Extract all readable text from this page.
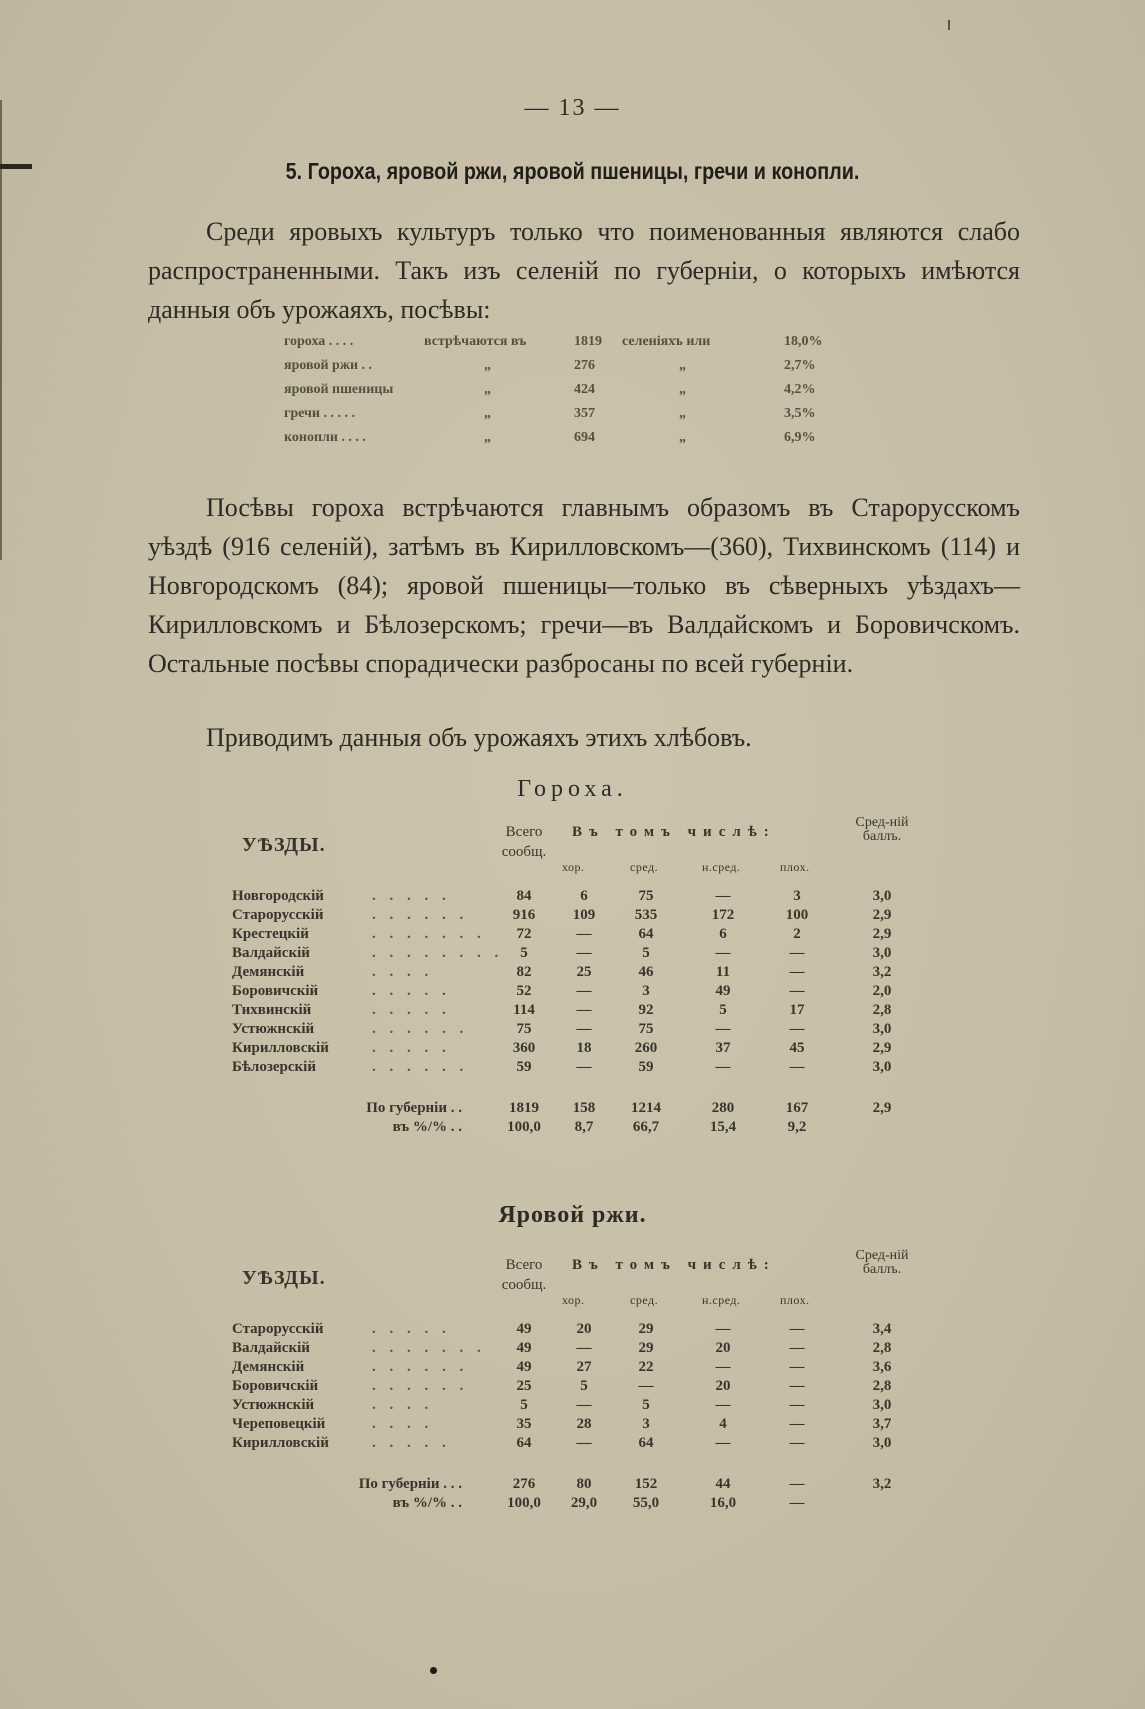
— 13 —
5. Гороха, яровой ржи, яровой пшеницы, гречи и конопли.
Среди яровыхъ культуръ только что поименованныя являются слабо распространенными. Такъ изъ селенiй по губернiи, о которыхъ имѣются данныя объ урожаяхъ, посѣвы:
гороха . . . .	встрѣчаются въ	1819 селенiяхъ или	18,0%
яровой ржи . .	„	276	„	2,7%
яровой пшеницы	„	424	„	4,2%
гречи . . . . .	„	357	„	3,5%
конопли . . . .	„	694	„	6,9%
Посѣвы гороха встрѣчаются главнымъ образомъ въ Старорусскомъ уѣздѣ (916 селенiй), затѣмъ въ Кирилловскомъ—(360), Тихвинскомъ (114) и Новгородскомъ (84); яровой пшеницы—только въ сѣверныхъ уѣздахъ—Кирилловскомъ и Бѣлозерскомъ; гречи—въ Валдайскомъ и Боровичскомъ. Остальные посѣвы спорадически разбросаны по всей губернiи.
Приводимъ данныя объ урожаяхъ этихъ хлѣбовъ.
Гороха.
УѢЗДЫ.
Всего сообщ.
Въ томъ числѣ:
хор.	сред.	н.сред.	плох.
Сред-нiй баллъ.
Новгородскiй	. . . . .	84	6	75	—	3	3,0
Старорусскiй	. . . . . .	916	109	535	172	100	2,9
Крестецкiй	. . . . . . .	72	—	64	6	2	2,9
Валдайскiй	. . . . . . . .	5	—	5	—	—	3,0
Демянскiй	. . . .	82	25	46	11	—	3,2
Боровичскiй	. . . . .	52	—	3	49	—	2,0
Тихвинскiй	. . . . .	114	—	92	5	17	2,8
Устюжнскiй	. . . . . .	75	—	75	—	—	3,0
Кирилловскiй	. . . . .	360	18	260	37	45	2,9
Бѣлозерскiй	. . . . . .	59	—	59	—	—	3,0
По губернiи . .	1819	158	1214	280	167	2,9
въ %/% . .	100,0	8,7	66,7	15,4	9,2
Яровой ржи.
УѢЗДЫ.
Всего сообщ.
Въ томъ числѣ:
хор.	сред.	н.сред.	плох.
Сред-нiй баллъ.
Старорусскiй	. . . . .	49	20	29	—	—	3,4
Валдайскiй	. . . . . . .	49	—	29	20	—	2,8
Демянскiй	. . . . . .	49	27	22	—	—	3,6
Боровичскiй	. . . . . .	25	5	—	20	—	2,8
Устюжнскiй	. . . .	5	—	5	—	—	3,0
Череповецкiй	. . . .	35	28	3	4	—	3,7
Кирилловскiй	. . . . .	64	—	64	—	—	3,0
По губернiи . . .	276	80	152	44	—	3,2
въ %/% . .	100,0	29,0	55,0	16,0	—
